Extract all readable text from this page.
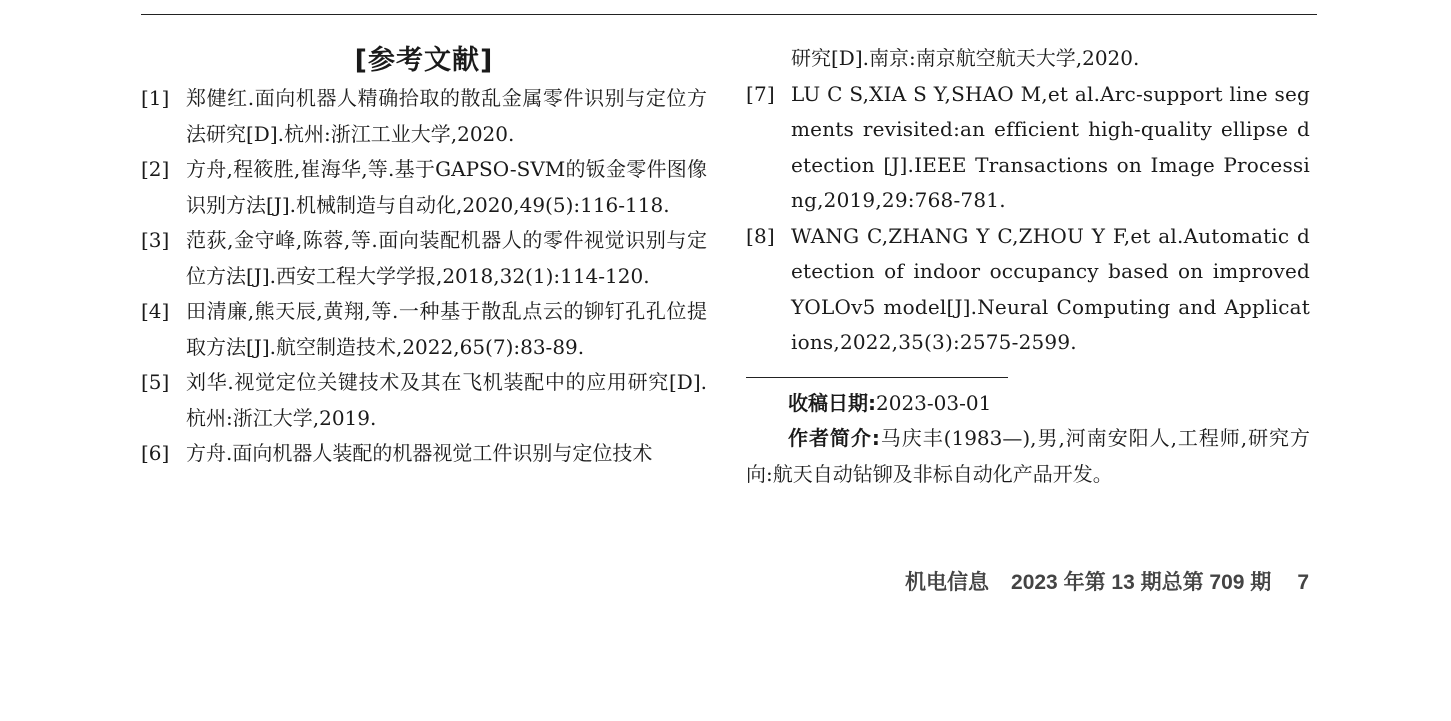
[参考文献]
[1] 郑健红.面向机器人精确拾取的散乱金属零件识别与定位方法研究[D].杭州:浙江工业大学,2020.
[2] 方舟,程筱胜,崔海华,等.基于GAPSO-SVM的钣金零件图像识别方法[J].机械制造与自动化,2020,49(5):116-118.
[3] 范荻,金守峰,陈蓉,等.面向装配机器人的零件视觉识别与定位方法[J].西安工程大学学报,2018,32(1):114-120.
[4] 田清廉,熊天辰,黄翔,等.一种基于散乱点云的铆钉孔孔位提取方法[J].航空制造技术,2022,65(7):83-89.
[5] 刘华.视觉定位关键技术及其在飞机装配中的应用研究[D].杭州:浙江大学,2019.
[6] 方舟.面向机器人装配的机器视觉工件识别与定位技术

研究[D].南京:南京航空航天大学,2020.

[7] LU C S,XIA S Y,SHAO M,et al.Arc-support line segments revisited:an efficient high-quality ellipse detection [J].IEEE Transactions on Image Processing,2019,29:768-781.
[8] WANG C,ZHANG Y C,ZHOU Y F,et al.Automatic detection of indoor occupancy based on improved YOLOv5 model[J].Neural Computing and Applications,2022,35(3):2575-2599.

收稿日期:2023-03-01

作者简介:马庆丰(1983—),男,河南安阳人,工程师,研究方向:航天自动钻铆及非标自动化产品开发。

机电信息 2023 年第 13 期总第 709 期 7
